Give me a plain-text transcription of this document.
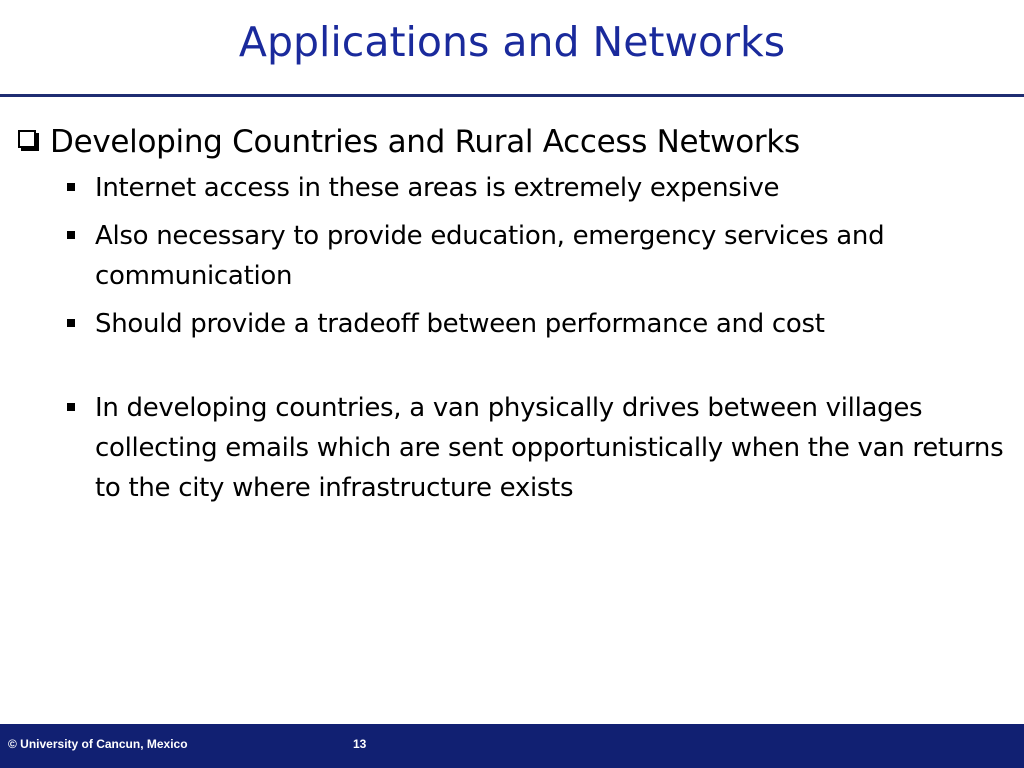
Applications and Networks
Developing Countries and Rural Access Networks
Internet access in these areas is extremely expensive
Also necessary to provide education, emergency services and communication
Should provide a tradeoff between performance and cost
In developing countries, a van physically drives between villages collecting emails which are sent opportunistically when the van returns to the city where infrastructure exists
© University of Cancun, Mexico	13
